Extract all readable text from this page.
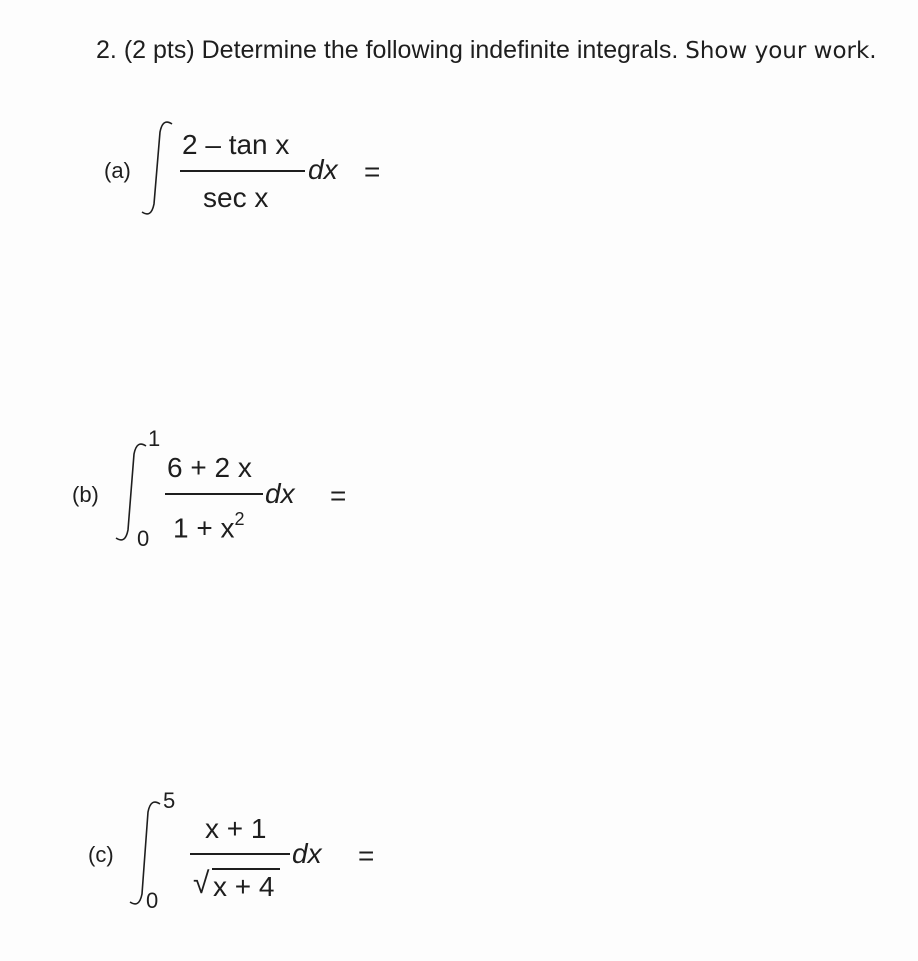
2. (2 pts) Determine the following indefinite integrals. Show your work.
(a)
2 – tan x
sec x
dx =
(b)
1
0
6 + 2 x
$1 + x^2$
dx =
(c)
5
0
x + 1
√ x + 4
dx =
